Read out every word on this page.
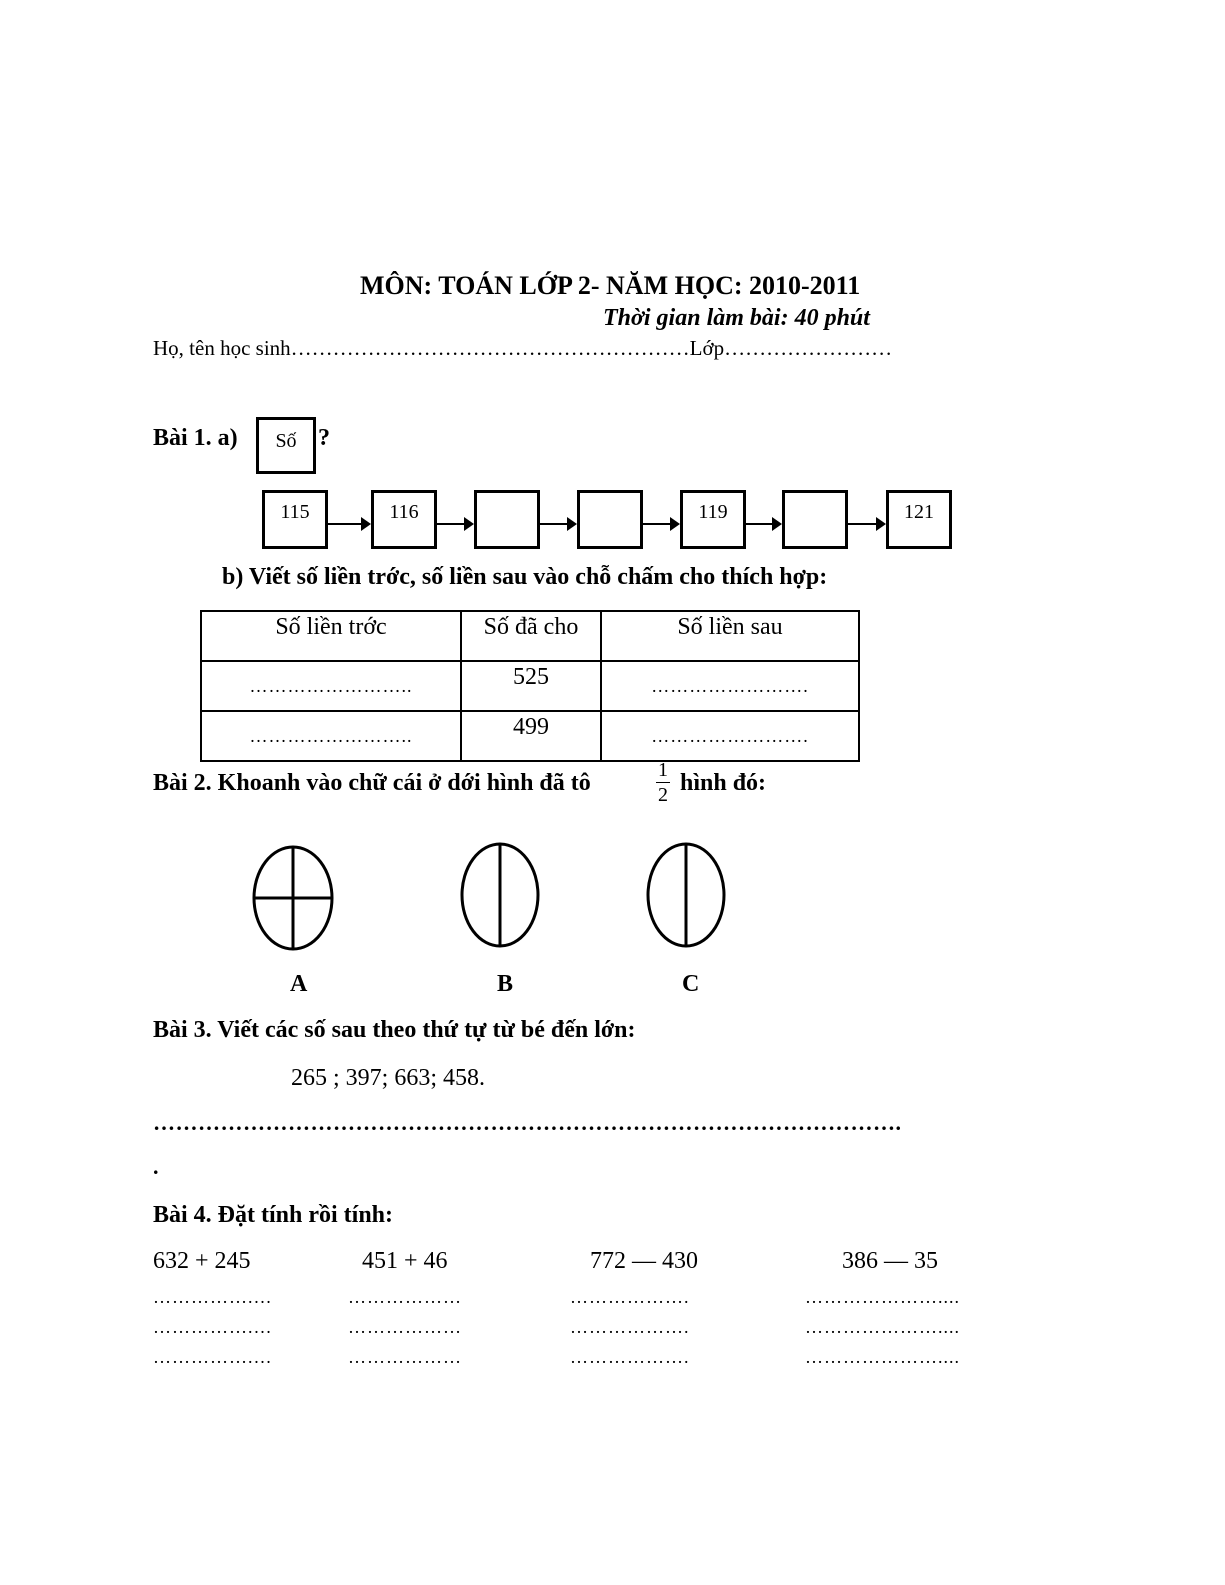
MÔN: TOÁN LỚP 2- NĂM HỌC: 2010-2011
Thời gian làm bài: 40 phút
Họ, tên học sinh…………………………………………………Lớp……………………
Bài 1. a)	Số ?
115	116	119	121
b) Viết số liền trớc, số liền sau vào chỗ chấm cho thích hợp:
Số liền trớc	Số đã cho	Số liền sau
……………………..	525	…………………….
……………………..	499	…………………….
Bài 2. Khoanh vào chữ cái ở dới hình đã tô	1
2 hình đó:
A	B	C
Bài 3. Viết các số sau theo thứ tự từ bé đến lớn:
265 ; 397; 663; 458.
……………………………………………………………………………………….
.
Bài 4. Đặt tính rồi tính:
632 + 245	451 + 46	772 — 430	386 — 35
…………….…	………………	……………….	…………………....
…………….…	………………	……………….	…………………....
…………….…	………………	……………….	…………………....
